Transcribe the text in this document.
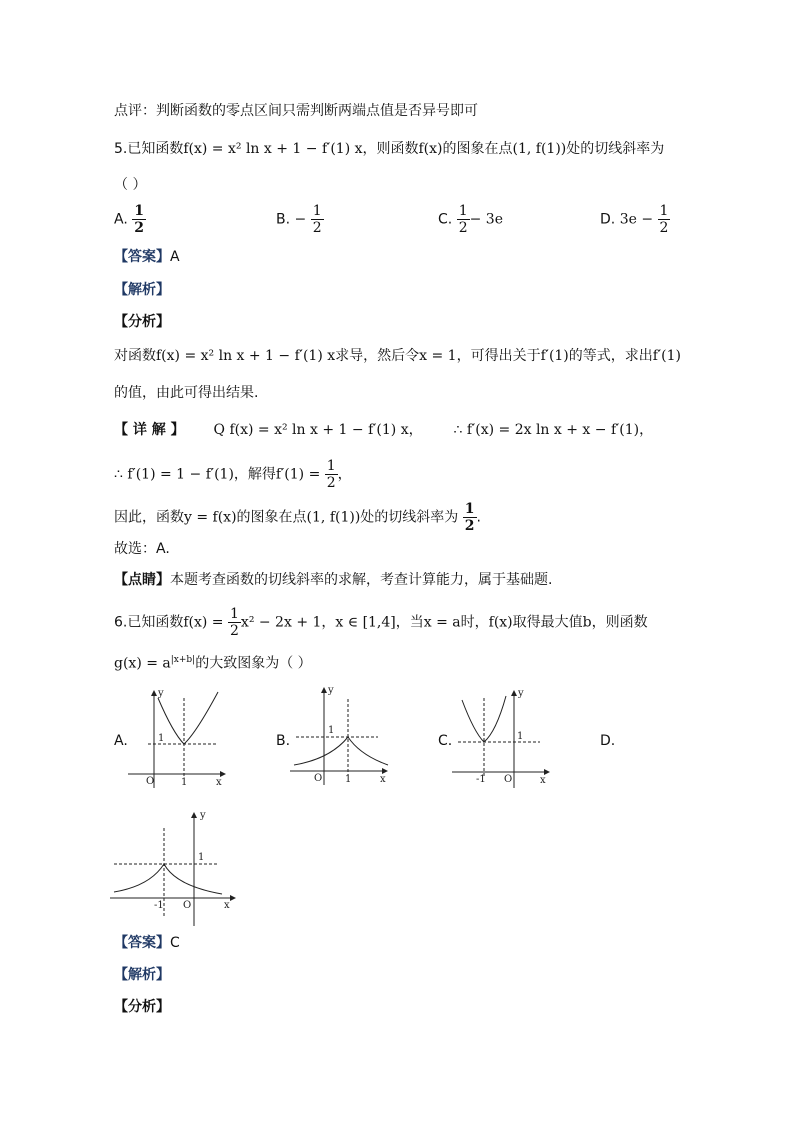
点评：判断函数的零点区间只需判断两端点值是否异号即可
5.已知函数f(x) = x² ln x + 1 − f′(1) x，则函数f(x)的图象在点(1, f(1))处的切线斜率为
（ ）
A. $\frac{1}{2}$	B. − $\frac{1}{2}$	C. $\frac{1}{2} - 3e$	D. $3e - \frac{1}{2}$
【答案】A
【解析】
【分析】
对函数f(x) = x² ln x + 1 − f′(1) x求导，然后令x = 1，可得出关于f′(1)的等式，求出f′(1)
的值，由此可得出结果.
【 详 解 】 Q f(x) = x² ln x + 1 − f′(1) x， ∴ f′(x) = 2x ln x + x − f′(1)，
∴ f′(1) = 1 − f′(1)，解得$f'(1) = \frac{1}{2}$ ，
因此，函数y = f(x)的图象在点(1, f(1))处的切线斜率为 $\frac{1}{2}$ .
故选：A.
【点睛】本题考查函数的切线斜率的求解，考查计算能力，属于基础题.
6.已知函数$f(x) = \frac{1}{2} x^2 - 2x + 1$，x ∈ [1,4]，当x = a时，f(x)取得最大值b，则函数
$g(x) = a^{|x+b|}$的大致图象为（ ）
A.	B.	C.	D.
y
x
O
1
1
y
x
O
1
1
y
x
O
1
-1
y
x
O
1
-1
【答案】C
【解析】
【分析】
